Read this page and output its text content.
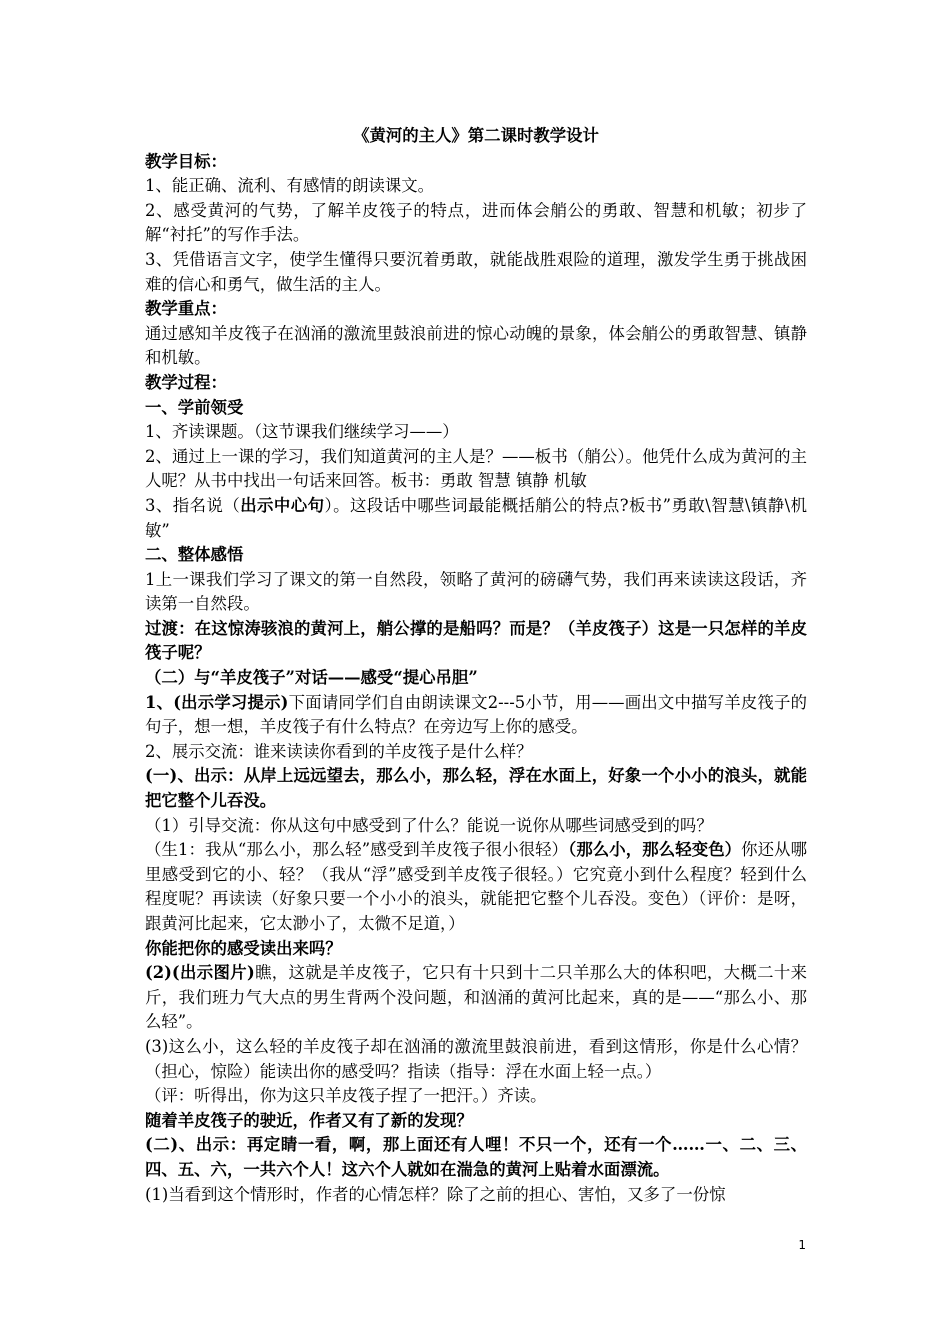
《黄河的主人》第二课时教学设计

教学目标：

1、能正确、流利、有感情的朗读课文。

2、感受黄河的气势，了解羊皮筏子的特点，进而体会艄公的勇敢、智慧和机敏；初步了解“衬托”的写作手法。

3、凭借语言文字，使学生懂得只要沉着勇敢，就能战胜艰险的道理，激发学生勇于挑战困难的信心和勇气，做生活的主人。

教学重点：

通过感知羊皮筏子在汹涌的激流里鼓浪前进的惊心动魄的景象，体会艄公的勇敢智慧、镇静和机敏。

教学过程：

一、学前领受

1、齐读课题。（这节课我们继续学习——）

2、通过上一课的学习，我们知道黄河的主人是？——板书（艄公）。他凭什么成为黄河的主人呢？从书中找出一句话来回答。板书：勇敢 智慧 镇静 机敏

3、指名说（出示中心句）。这段话中哪些词最能概括艄公的特点?板书”勇敢\智慧\镇静\机敏”

二、整体感悟

1上一课我们学习了课文的第一自然段，领略了黄河的磅礴气势，我们再来读读这段话，齐读第一自然段。

过渡：在这惊涛骇浪的黄河上，艄公撑的是船吗？而是？（羊皮筏子）这是一只怎样的羊皮筏子呢？

（二）与“羊皮筏子”对话——感受“提心吊胆”

1、(出示学习提示)下面请同学们自由朗读课文2---5小节，用——画出文中描写羊皮筏子的句子，想一想，羊皮筏子有什么特点？在旁边写上你的感受。

2、展示交流：谁来读读你看到的羊皮筏子是什么样？

(一)、出示：从岸上远远望去，那么小，那么轻，浮在水面上，好象一个小小的浪头，就能把它整个儿吞没。

（1）引导交流：你从这句中感受到了什么？能说一说你从哪些词感受到的吗？

（生1：我从“那么小，那么轻”感受到羊皮筏子很小很轻）（那么小，那么轻变色）你还从哪里感受到它的小、轻？（我从“浮”感受到羊皮筏子很轻。）它究竟小到什么程度？轻到什么程度呢？再读读（好象只要一个小小的浪头，就能把它整个儿吞没。变色）（评价：是呀，跟黄河比起来，它太渺小了，太微不足道，）

你能把你的感受读出来吗？

(2)(出示图片)瞧，这就是羊皮筏子，它只有十只到十二只羊那么大的体积吧，大概二十来斤，我们班力气大点的男生背两个没问题，和汹涌的黄河比起来，真的是——“那么小、那么轻”。

(3)这么小，这么轻的羊皮筏子却在汹涌的激流里鼓浪前进，看到这情形，你是什么心情？（担心，惊险）能读出你的感受吗？指读（指导：浮在水面上轻一点。）

（评：听得出，你为这只羊皮筏子捏了一把汗。）齐读。

随着羊皮筏子的驶近，作者又有了新的发现？

(二)、出示：再定睛一看，啊，那上面还有人哩！不只一个，还有一个……一、二、三、四、五、六，一共六个人！这六个人就如在湍急的黄河上贴着水面漂流。

(1)当看到这个情形时，作者的心情怎样？除了之前的担心、害怕，又多了一份惊

1
